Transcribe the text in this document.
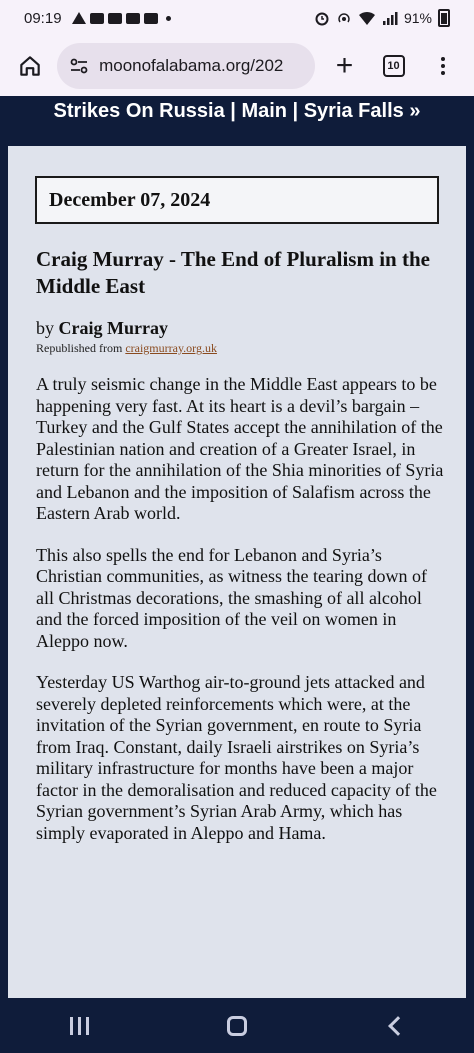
09:19	91%
moonofalabama.org/202 +	10
Strikes On Russia | Main | Syria Falls »
December 07, 2024
Craig Murray - The End of Pluralism in the Middle East
by Craig Murray
Republished from craigmurray.org.uk

A truly seismic change in the Middle East appears to be happening very fast. At its heart is a devil’s bargain – Turkey and the Gulf States accept the annihilation of the Palestinian nation and creation of a Greater Israel, in return for the annihilation of the Shia minorities of Syria and Lebanon and the imposition of Salafism across the Eastern Arab world.

This also spells the end for Lebanon and Syria’s Christian communities, as witness the tearing down of all Christmas decorations, the smashing of all alcohol and the forced imposition of the veil on women in Aleppo now.

Yesterday US Warthog air-to-ground jets attacked and severely depleted reinforcements which were, at the invitation of the Syrian government, en route to Syria from Iraq. Constant, daily Israeli airstrikes on Syria’s military infrastructure for months have been a major factor in the demoralisation and reduced capacity of the Syrian government’s Syrian Arab Army, which has simply evaporated in Aleppo and Hama.
